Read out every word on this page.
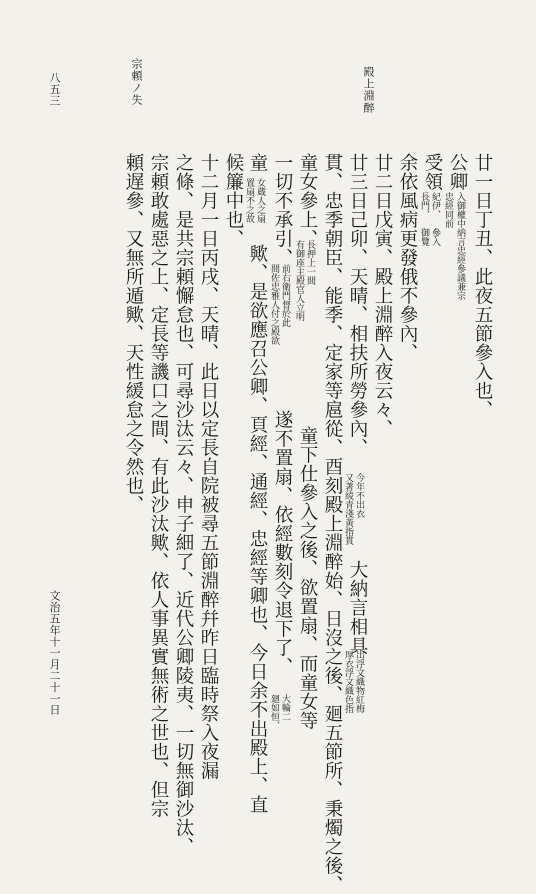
殿上淵醉
宗頼ノ失
廿一日丁丑、此夜五節參入也、
公卿
入御權中納言忠經參議兼宗
忠經同前
受領
紀伊、
長門、
參入
御覽
余依風病更發俄不參內、
廿二日戊寅、殿上淵醉入夜云々、
廿三日己卯、天晴、相扶所勞參內、
今年不出衣
又著綾青淺黃指貫
大納言相具
出浮文織物紅梅
厚衣浮文織色指
貫、忠季朝臣、能季、定家等扈從、酉刻殿上淵醉始、日沒之後、廻五節所、秉燭之後、
童女參上、
長押上一間
有御座主殿官人立明
童下仕參入之後、欲置扇、而童女等
一切不承引、
前右衛門督於此
間佐忠雅人付之殿欲
遂不置扇、依經數刻令退下了、
大輪二
廻如恒、
童
女蔵人之扇
置扇不之故
歟、是欲應召公卿、頁經、通經、忠經等卿也、今日余不出殿上、直
候簾中也、
十二月一日丙戌、天晴、此日以定長自院被尋五節淵醉幷昨日臨時祭入夜漏
之條、是共宗頼懈怠也、可尋沙汰云々、申子細了、近代公卿陵夷、一切無御沙汰、
宗頼敢處惡之上、定長等譏口之間、有此沙汰歟、依人事異實無術之世也、但宗
頼遅參、又無所遁歟、天性緩怠之令然也、
文治五年十一月二十一日
八五三
